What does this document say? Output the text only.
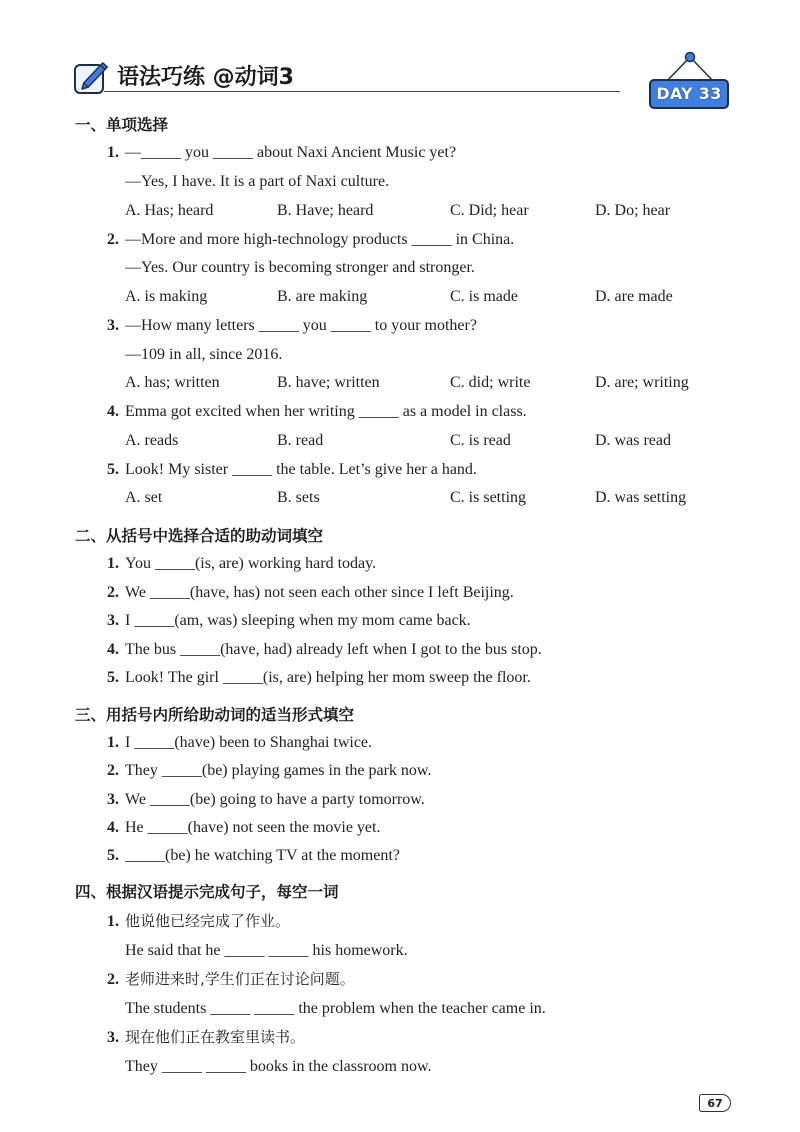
语法巧练 @动词3
DAY 33
一、单项选择
1. —_____ you _____ about Naxi Ancient Music yet?
—Yes, I have. It is a part of Naxi culture.
A. Has; heard	B. Have; heard	C. Did; hear	D. Do; hear
2. —More and more high-technology products _____ in China.
—Yes. Our country is becoming stronger and stronger.
A. is making	B. are making	C. is made	D. are made
3. —How many letters _____ you _____ to your mother?
—109 in all, since 2016.
A. has; written	B. have; written	C. did; write	D. are; writing
4. Emma got excited when her writing _____ as a model in class.
A. reads	B. read	C. is read	D. was read
5. Look! My sister _____ the table. Let’s give her a hand.
A. set	B. sets	C. is setting	D. was setting
二、从括号中选择合适的助动词填空
1. You _____(is, are) working hard today.
2. We _____(have, has) not seen each other since I left Beijing.
3. I _____(am, was) sleeping when my mom came back.
4. The bus _____(have, had) already left when I got to the bus stop.
5. Look! The girl _____(is, are) helping her mom sweep the floor.
三、用括号内所给助动词的适当形式填空
1. I _____(have) been to Shanghai twice.
2. They _____(be) playing games in the park now.
3. We _____(be) going to have a party tomorrow.
4. He _____(have) not seen the movie yet.
5. _____(be) he watching TV at the moment?
四、根据汉语提示完成句子，每空一词
1. 他说他已经完成了作业。
He said that he _____ _____ his homework.
2. 老师进来时,学生们正在讨论问题。
The students _____ _____ the problem when the teacher came in.
3. 现在他们正在教室里读书。
They _____ _____ books in the classroom now.
67
